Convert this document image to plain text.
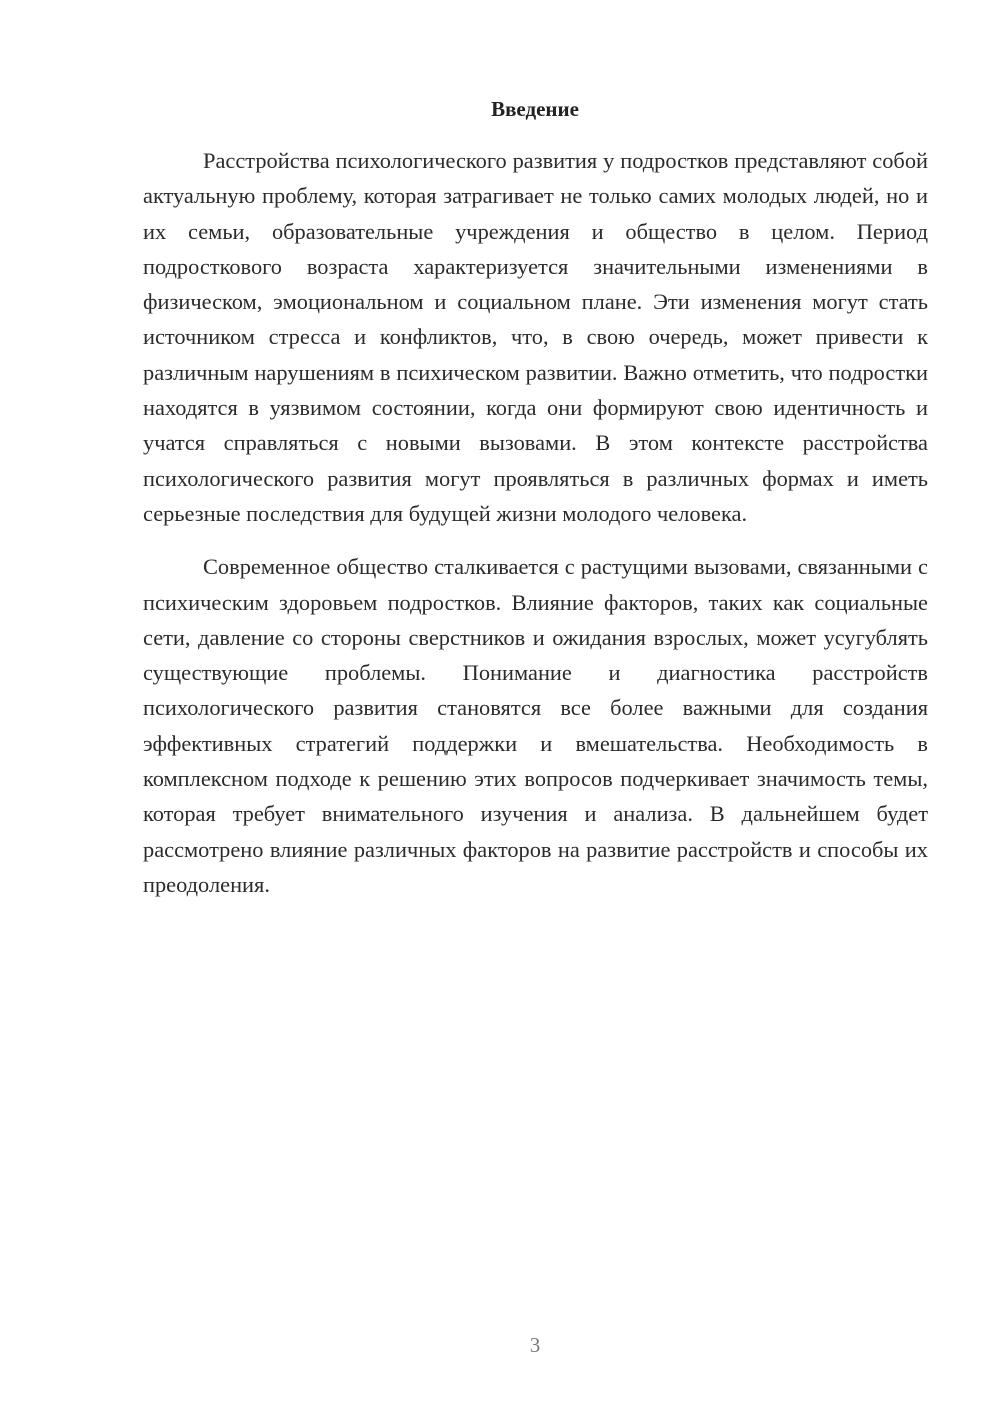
Введение

Расстройства психологического развития у подростков представляют собой актуальную проблему, которая затрагивает не только самих молодых людей, но и их семьи, образовательные учреждения и общество в целом. Период подросткового возраста характеризуется значительными изменениями в физическом, эмоциональном и социальном плане. Эти изменения могут стать источником стресса и конфликтов, что, в свою очередь, может привести к различным нарушениям в психическом развитии. Важно отметить, что подростки находятся в уязвимом состоянии, когда они формируют свою идентичность и учатся справляться с новыми вызовами. В этом контексте расстройства психологического развития могут проявляться в различных формах и иметь серьезные последствия для будущей жизни молодого человека.

Современное общество сталкивается с растущими вызовами, связанными с психическим здоровьем подростков. Влияние факторов, таких как социальные сети, давление со стороны сверстников и ожидания взрослых, может усугублять существующие проблемы. Понимание и диагностика расстройств психологического развития становятся все более важными для создания эффективных стратегий поддержки и вмешательства. Необходимость в комплексном подходе к решению этих вопросов подчеркивает значимость темы, которая требует внимательного изучения и анализа. В дальнейшем будет рассмотрено влияние различных факторов на развитие расстройств и способы их преодоления.

3
